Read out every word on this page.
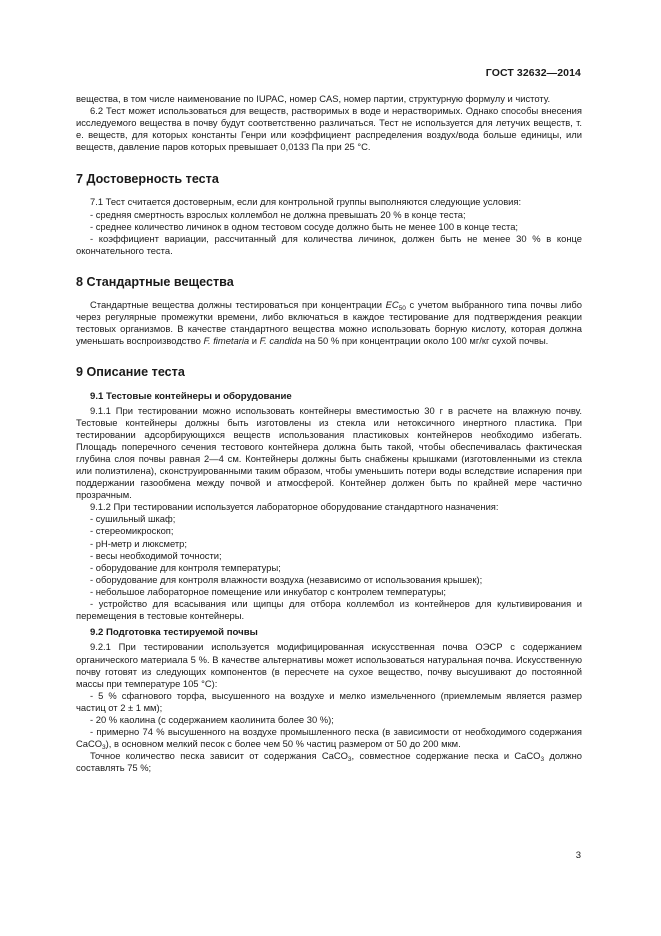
ГОСТ 32632—2014

вещества, в том числе наименование по IUPAC, номер CAS, номер партии, структурную формулу и чистоту.

6.2 Тест может использоваться для веществ, растворимых в воде и нерастворимых. Однако способы внесения исследуемого вещества в почву будут соответственно различаться. Тест не используется для летучих веществ, т. е. веществ, для которых константы Генри или коэффициент распределения воздух/вода больше единицы, или веществ, давление паров которых превышает 0,0133 Па при 25 °С.

7 Достоверность теста

7.1 Тест считается достоверным, если для контрольной группы выполняются следующие условия:

- средняя смертность взрослых коллембол не должна превышать 20 % в конце теста;

- среднее количество личинок в одном тестовом сосуде должно быть не менее 100 в конце теста;

- коэффициент вариации, рассчитанный для количества личинок, должен быть не менее 30 % в конце окончательного теста.

8 Стандартные вещества

Стандартные вещества должны тестироваться при концентрации $EC_{50}$ с учетом выбранного типа почвы либо через регулярные промежутки времени, либо включаться в каждое тестирование для подтверждения реакции тестовых организмов. В качестве стандартного вещества можно использовать борную кислоту, которая должна уменьшать воспроизводство F. fimetaria и F. candida на 50 % при концентрации около 100 мг/кг сухой почвы.

9 Описание теста
9.1 Тестовые контейнеры и оборудование

9.1.1 При тестировании можно использовать контейнеры вместимостью 30 г в расчете на влажную почву. Тестовые контейнеры должны быть изготовлены из стекла или нетоксичного инертного пластика. При тестировании адсорбирующихся веществ использования пластиковых контейнеров необходимо избегать. Площадь поперечного сечения тестового контейнера должна быть такой, чтобы обеспечивалась фактическая глубина слоя почвы равная 2—4 см. Контейнеры должны быть снабжены крышками (изготовленными из стекла или полиэтилена), сконструированными таким образом, чтобы уменьшить потери воды вследствие испарения при поддержании газообмена между почвой и атмосферой. Контейнер должен быть по крайней мере частично прозрачным.

9.1.2 При тестировании используется лабораторное оборудование стандартного назначения:

- сушильный шкаф;

- стереомикроскоп;

- pH-метр и люксметр;

- весы необходимой точности;

- оборудование для контроля температуры;

- оборудование для контроля влажности воздуха (независимо от использования крышек);

- небольшое лабораторное помещение или инкубатор с контролем температуры;

- устройство для всасывания или щипцы для отбора коллембол из контейнеров для культивирования и перемещения в тестовые контейнеры.

9.2 Подготовка тестируемой почвы

9.2.1 При тестировании используется модифицированная искусственная почва ОЭСР с содержанием органического материала 5 %. В качестве альтернативы может использоваться натуральная почва. Искусственную почву готовят из следующих компонентов (в пересчете на сухое вещество, почву высушивают до постоянной массы при температуре 105 °С):

- 5 % сфагнового торфа, высушенного на воздухе и мелко измельченного (приемлемым является размер частиц от 2 ± 1 мм);

- 20 % каолина (с содержанием каолинита более 30 %);

- примерно 74 % высушенного на воздухе промышленного песка (в зависимости от необходимого содержания CaCO$_3$), в основном мелкий песок с более чем 50 % частиц размером от 50 до 200 мкм.

Точное количество песка зависит от содержания CaCO$_3$, совместное содержание песка и CaCO$_3$ должно составлять 75 %;

3
